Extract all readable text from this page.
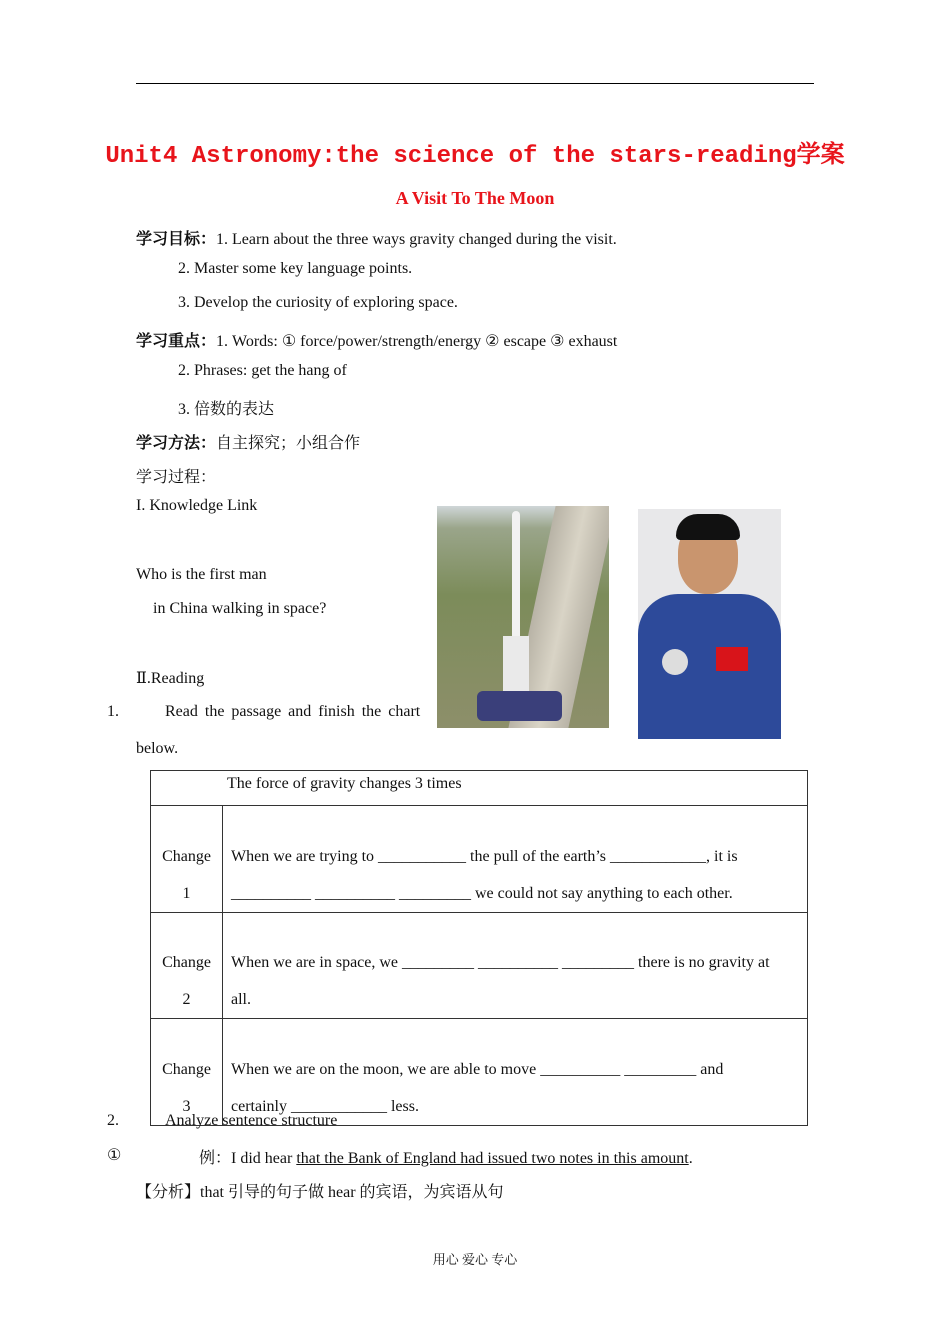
Unit4 Astronomy:the science of the stars-reading学案
A Visit To The Moon
学习目标：1. Learn about the three ways gravity changed during the visit.
2. Master some key language points.
3. Develop the curiosity of exploring space.
学习重点：1. Words: ① force/power/strength/energy ② escape ③ exhaust
2. Phrases: get the hang of
3. 倍数的表达
学习方法：自主探究；小组合作
学习过程：
I. Knowledge Link
Who is the first man
in China walking in space?
Ⅱ.Reading
1.	Read the passage and finish the chart
below.
The force of gravity changes 3 times	
Change
1	When we are trying to ___________ the pull of the earth’s ____________, it is
__________ __________ _________ we could not say anything to each other.
Change
2	When we are in space, we _________ __________ _________ there is no gravity at
all.
Change
3	When we are on the moon, we are able to move __________ _________ and
certainly ____________ less.
2.	Analyze sentence structure
①	例：I did hear that the Bank of England had issued two notes in this amount.
【分析】that 引导的句子做 hear 的宾语，为宾语从句
用心 爱心 专心
